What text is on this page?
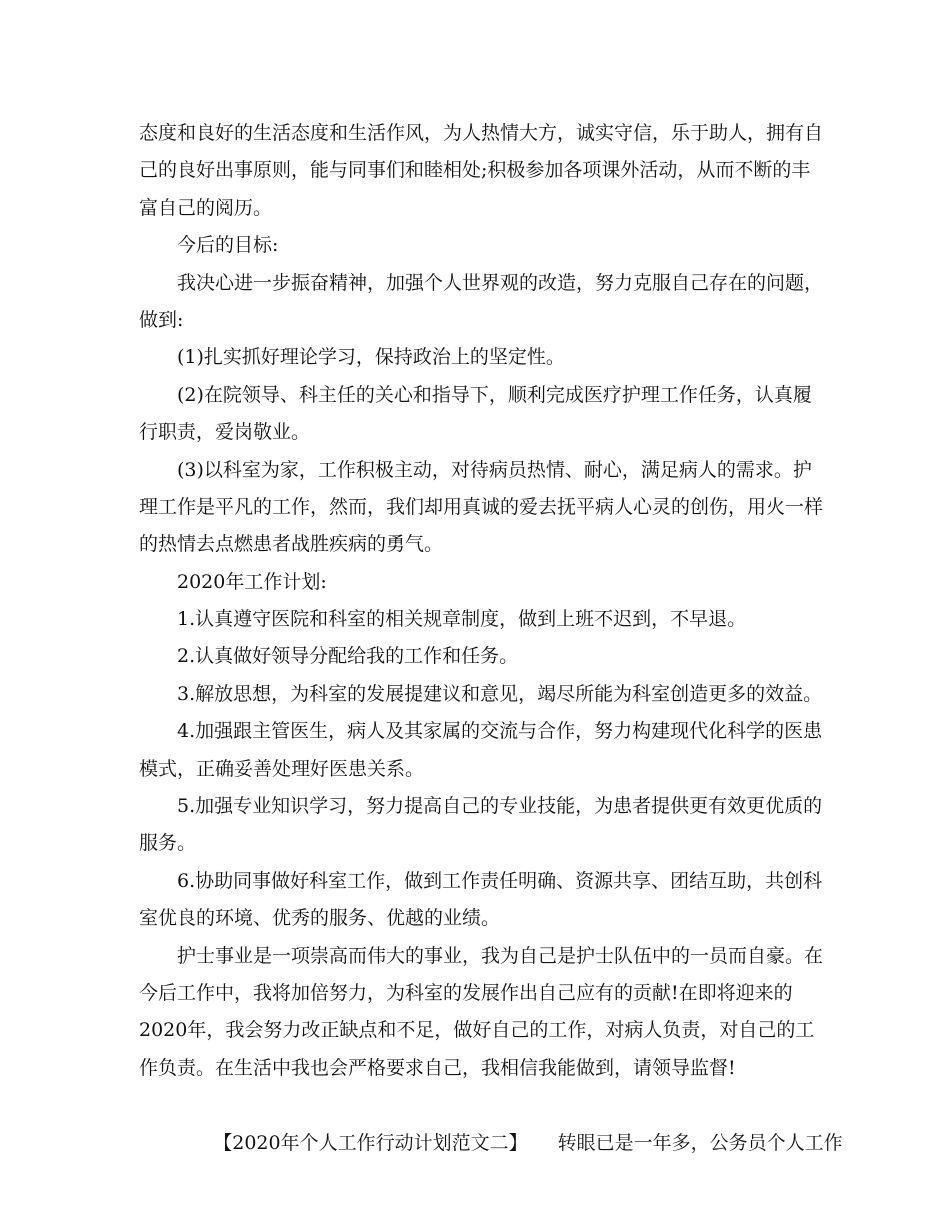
态度和良好的生活态度和生活作风，为人热情大方，诚实守信，乐于助人，拥有自
己的良好出事原则，能与同事们和睦相处;积极参加各项课外活动，从而不断的丰
富自己的阅历。
今后的目标:
我决心进一步振奋精神，加强个人世界观的改造，努力克服自己存在的问题，
做到:
(1)扎实抓好理论学习，保持政治上的坚定性。
(2)在院领导、科主任的关心和指导下，顺利完成医疗护理工作任务，认真履
行职责，爱岗敬业。
(3)以科室为家，工作积极主动，对待病员热情、耐心，满足病人的需求。护
理工作是平凡的工作，然而，我们却用真诚的爱去抚平病人心灵的创伤，用火一样
的热情去点燃患者战胜疾病的勇气。
2020年工作计划:
1.认真遵守医院和科室的相关规章制度，做到上班不迟到，不早退。
2.认真做好领导分配给我的工作和任务。
3.解放思想，为科室的发展提建议和意见，竭尽所能为科室创造更多的效益。
4.加强跟主管医生，病人及其家属的交流与合作，努力构建现代化科学的医患
模式，正确妥善处理好医患关系。
5.加强专业知识学习，努力提高自己的专业技能，为患者提供更有效更优质的
服务。
6.协助同事做好科室工作，做到工作责任明确、资源共享、团结互助，共创科
室优良的环境、优秀的服务、优越的业绩。
护士事业是一项崇高而伟大的事业，我为自己是护士队伍中的一员而自豪。在
今后工作中，我将加倍努力，为科室的发展作出自己应有的贡献!在即将迎来的
2020年，我会努力改正缺点和不足，做好自己的工作，对病人负责，对自己的工
作负责。在生活中我也会严格要求自己，我相信我能做到，请领导监督!

【2020年个人工作行动计划范文二】 转眼已是一年多，公务员个人工作
